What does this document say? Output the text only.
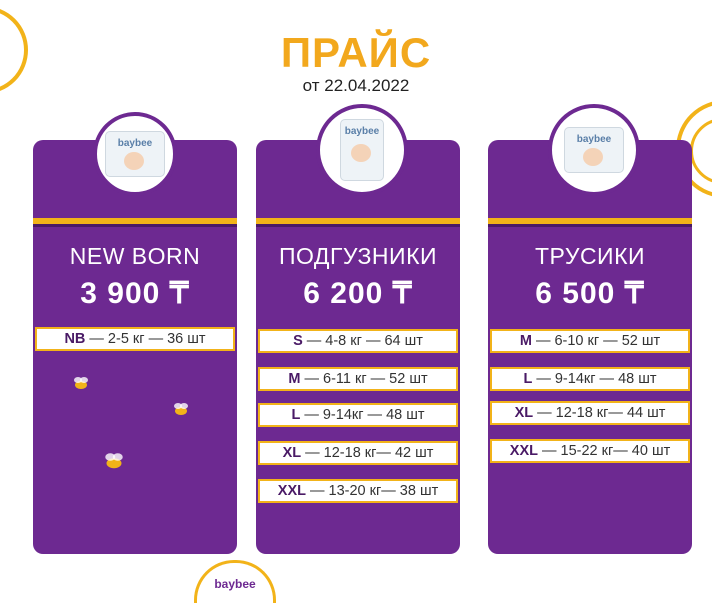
ПРАЙС
от 22.04.2022
NEW BORN
3 900 ₸
NB — 2-5 кг — 36 шт
baybee
ПОДГУЗНИКИ
6 200 ₸
S — 4-8 кг — 64 шт
M — 6-11 кг — 52 шт
L — 9-14кг — 48 шт
XL — 12-18 кг— 42 шт
XXL — 13-20 кг— 38 шт
baybee
ТРУСИКИ
6 500 ₸
M — 6-10 кг — 52 шт
L — 9-14кг — 48 шт
XL — 12-18 кг— 44 шт
XXL — 15-22 кг— 40 шт
baybee
baybee
